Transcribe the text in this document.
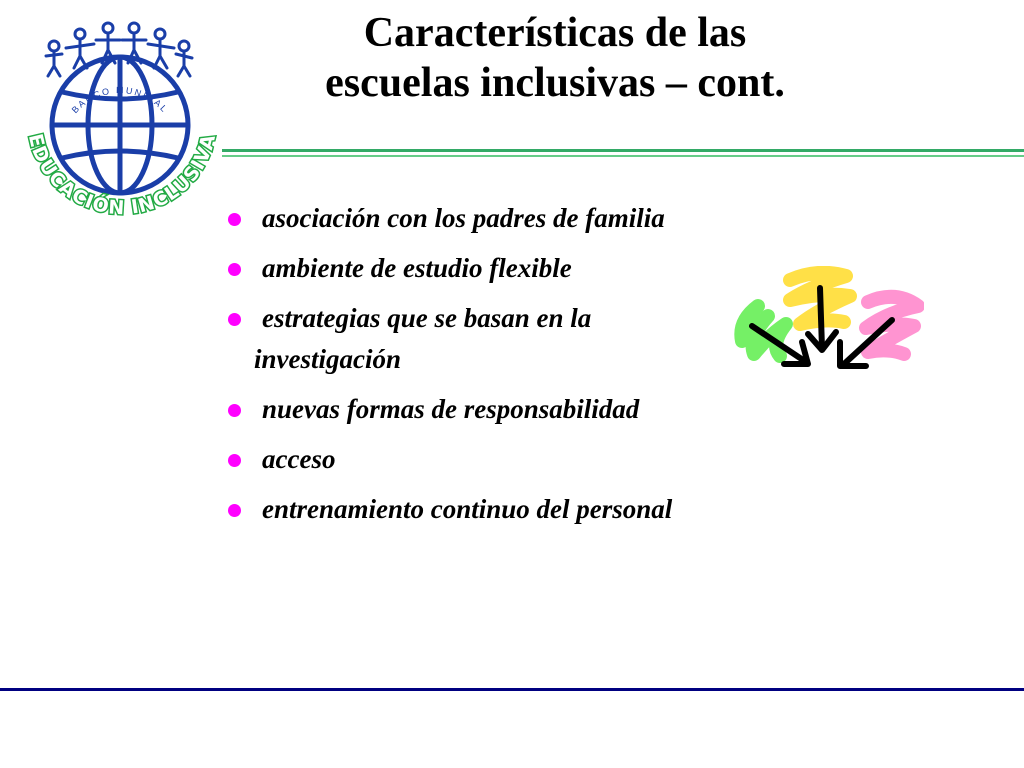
BANCO MUNDIAL
EDUCACIÓN INCLUSIVA
Características de las
escuelas inclusivas – cont.
asociación con los padres de familia
ambiente de estudio flexible
estrategias que se basan en la
investigación
nuevas formas de responsabilidad
acceso
entrenamiento continuo del personal
